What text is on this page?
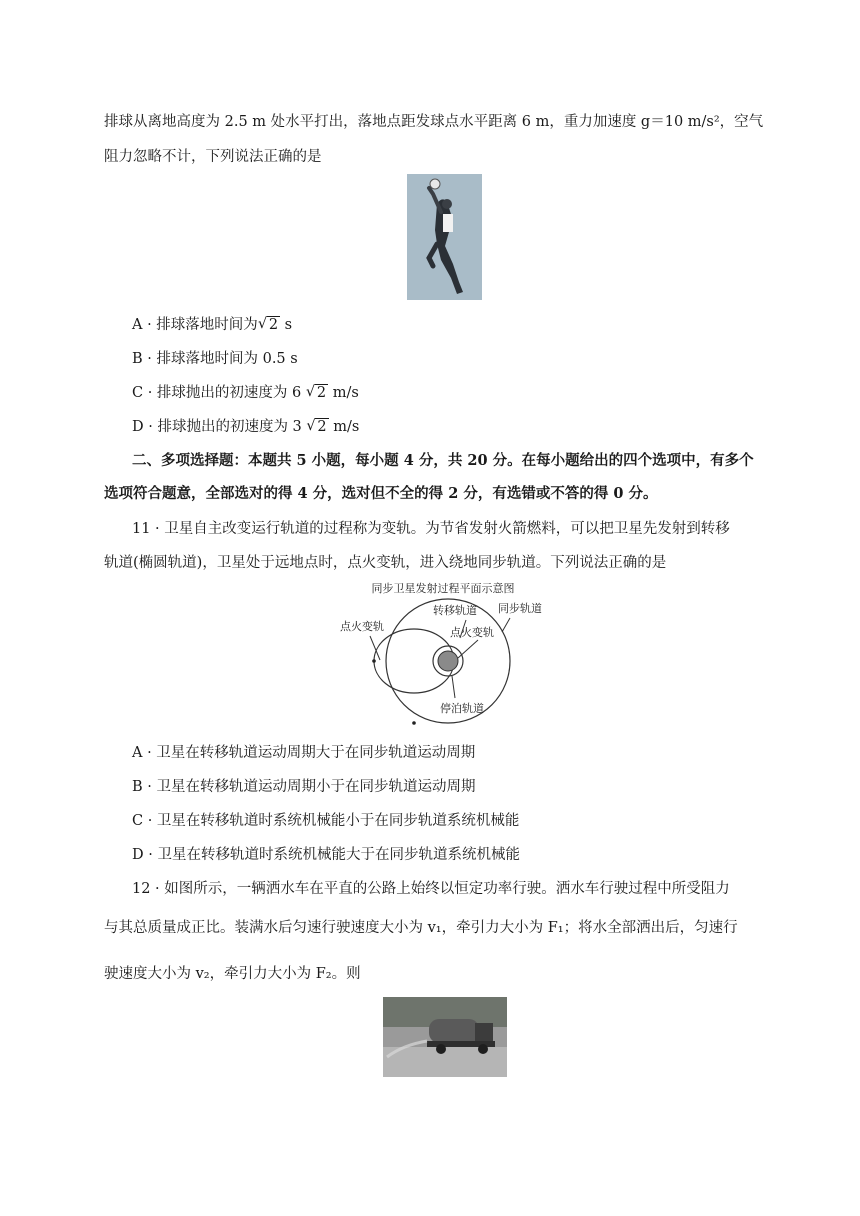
排球从离地高度为 2.5 m 处水平打出，落地点距发球点水平距离 6 m，重力加速度 g＝10 m/s²，空气
阻力忽略不计，下列说法正确的是
A · 排球落地时间为√ 2 s
B · 排球落地时间为 0.5 s
C · 排球抛出的初速度为 6 √ 2 m/s
D · 排球抛出的初速度为 3 √ 2 m/s
二、多项选择题：本题共 5 小题，每小题 4 分，共 20 分。在每小题给出的四个选项中，有多个
选项符合题意，全部选对的得 4 分，选对但不全的得 2 分，有选错或不答的得 0 分。
11 · 卫星自主改变运行轨道的过程称为变轨。为节省发射火箭燃料，可以把卫星先发射到转移
轨道(椭圆轨道)，卫星处于远地点时，点火变轨，进入绕地同步轨道。下列说法正确的是
同步卫星发射过程平面示意图
转移轨道 同步轨道
点火变轨	点火变轨
停泊轨道
A · 卫星在转移轨道运动周期大于在同步轨道运动周期
B · 卫星在转移轨道运动周期小于在同步轨道运动周期
C · 卫星在转移轨道时系统机械能小于在同步轨道系统机械能
D · 卫星在转移轨道时系统机械能大于在同步轨道系统机械能
12 · 如图所示，一辆洒水车在平直的公路上始终以恒定功率行驶。洒水车行驶过程中所受阻力
与其总质量成正比。装满水后匀速行驶速度大小为 v₁，牵引力大小为 F₁；将水全部洒出后，匀速行
驶速度大小为 v₂，牵引力大小为 F₂。则
